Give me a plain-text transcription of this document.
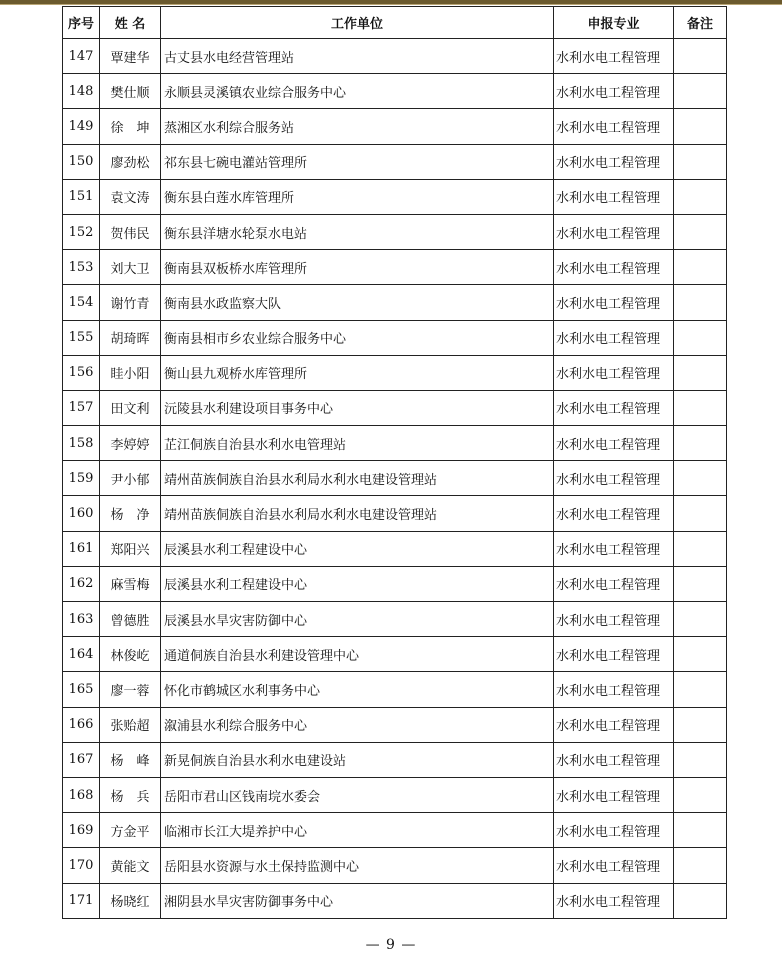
序号	姓 名	工作单位	申报专业	备注
147	覃建华	古丈县水电经营管理站	水利水电工程管理	
148	樊仕顺	永顺县灵溪镇农业综合服务中心	水利水电工程管理	
149	徐　坤	蒸湘区水利综合服务站	水利水电工程管理	
150	廖劲松	祁东县七碗电灌站管理所	水利水电工程管理	
151	袁文涛	衡东县白莲水库管理所	水利水电工程管理	
152	贺伟民	衡东县洋塘水轮泵水电站	水利水电工程管理	
153	刘大卫	衡南县双板桥水库管理所	水利水电工程管理	
154	谢竹青	衡南县水政监察大队	水利水电工程管理	
155	胡琦晖	衡南县相市乡农业综合服务中心	水利水电工程管理	
156	眭小阳	衡山县九观桥水库管理所	水利水电工程管理	
157	田文利	沅陵县水利建设项目事务中心	水利水电工程管理	
158	李婷婷	芷江侗族自治县水利水电管理站	水利水电工程管理	
159	尹小郁	靖州苗族侗族自治县水利局水利水电建设管理站	水利水电工程管理	
160	杨　净	靖州苗族侗族自治县水利局水利水电建设管理站	水利水电工程管理	
161	郑阳兴	辰溪县水利工程建设中心	水利水电工程管理	
162	麻雪梅	辰溪县水利工程建设中心	水利水电工程管理	
163	曾德胜	辰溪县水旱灾害防御中心	水利水电工程管理	
164	林俊屹	通道侗族自治县水利建设管理中心	水利水电工程管理	
165	廖一蓉	怀化市鹤城区水利事务中心	水利水电工程管理	
166	张贻超	溆浦县水利综合服务中心	水利水电工程管理	
167	杨　峰	新晃侗族自治县水利水电建设站	水利水电工程管理	
168	杨　兵	岳阳市君山区钱南垸水委会	水利水电工程管理	
169	方金平	临湘市长江大堤养护中心	水利水电工程管理	
170	黄能文	岳阳县水资源与水土保持监测中心	水利水电工程管理	
171	杨晓红	湘阴县水旱灾害防御事务中心	水利水电工程管理	
— 9 —
